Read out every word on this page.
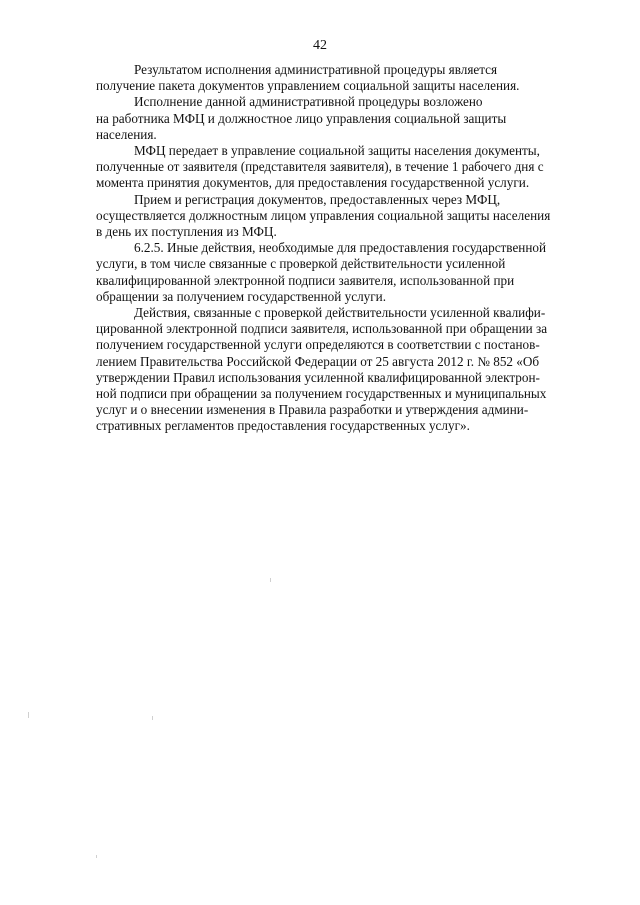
42

Результатом исполнения административной процедуры является
получение пакета документов управлением социальной защиты населения.

Исполнение данной административной процедуры возложено
на работника МФЦ и должностное лицо управления социальной защиты
населения.

МФЦ передает в управление социальной защиты населения документы,
полученные от заявителя (представителя заявителя), в течение 1 рабочего дня с
момента принятия документов, для предоставления государственной услуги.

Прием и регистрация документов, предоставленных через МФЦ,
осуществляется должностным лицом управления социальной защиты населения
в день их поступления из МФЦ.

6.2.5. Иные действия, необходимые для предоставления государственной
услуги, в том числе связанные с проверкой действительности усиленной
квалифицированной электронной подписи заявителя, использованной при
обращении за получением государственной услуги.

Действия, связанные с проверкой действительности усиленной квалифи-
цированной электронной подписи заявителя, использованной при обращении за
получением государственной услуги определяются в соответствии с постанов-
лением Правительства Российской Федерации от 25 августа 2012 г. № 852 «Об
утверждении Правил использования усиленной квалифицированной электрон-
ной подписи при обращении за получением государственных и муниципальных
услуг и о внесении изменения в Правила разработки и утверждения админи-
стративных регламентов предоставления государственных услуг».
